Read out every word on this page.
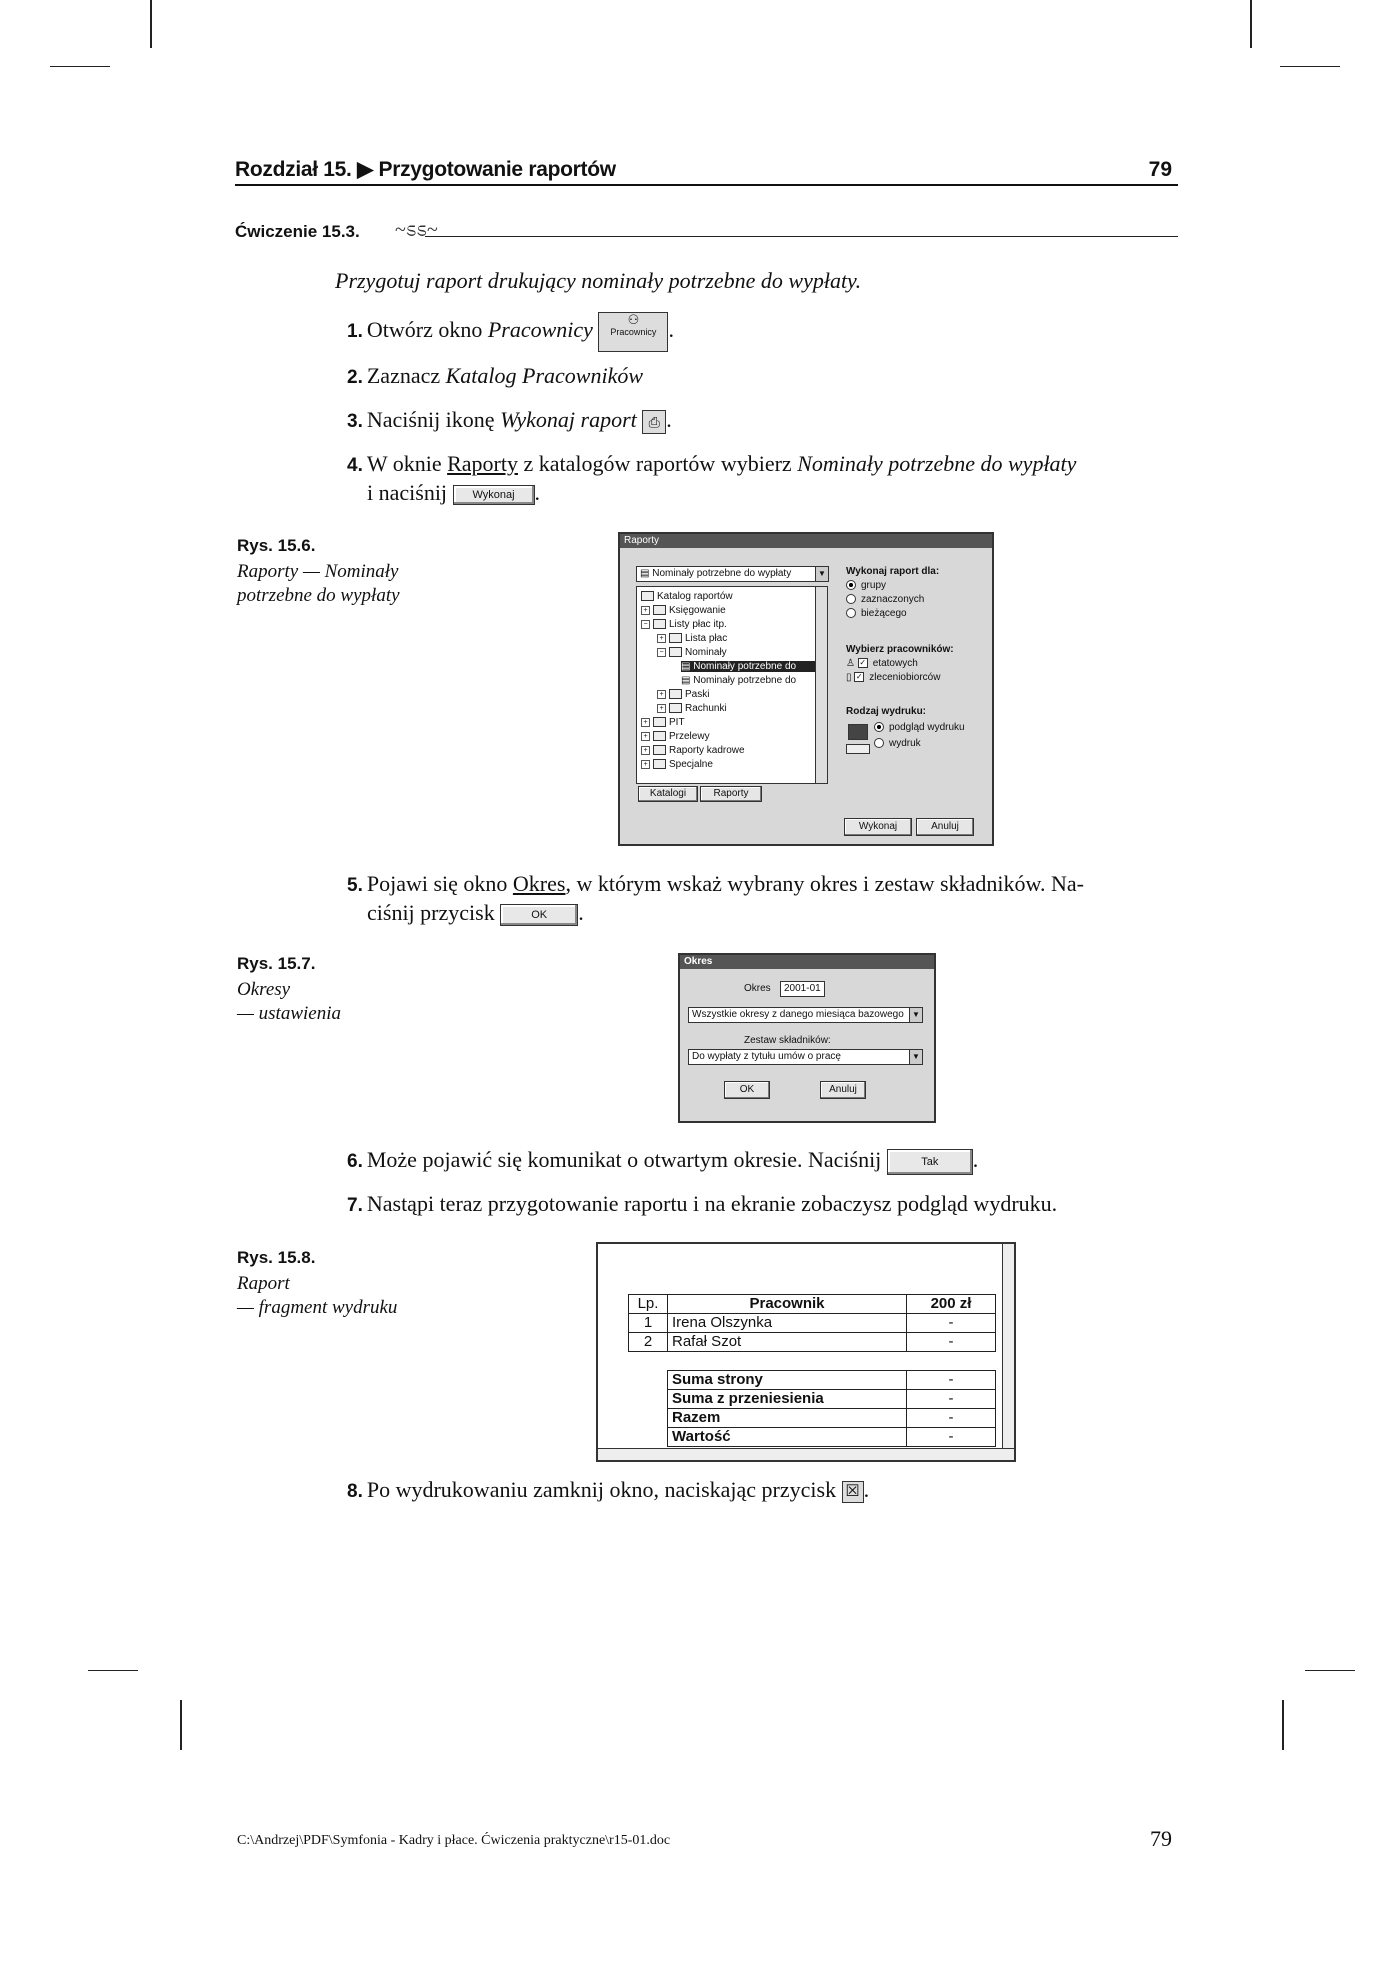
Rozdział 15. ▶ Przygotowanie raportów	79
Ćwiczenie 15.3. ~ಽಽ~
Przygotuj raport drukujący nominały potrzebne do wypłaty.
1. Otwórz okno Pracownicy	⚇
Pracownicy .
2. Zaznacz Katalog Pracowników
3. Naciśnij ikonę Wykonaj raport ⎙ .
4. W oknie Raporty z katalogów raportów wybierz Nominały potrzebne do wypłaty
i naciśnij Wykonaj .
Rys. 15.6.
Raporty — Nominały
potrzebne do wypłaty
Raporty
▤ Nominały potrzebne do wypłaty	▼
Katalog raportów
+ Księgowanie
− Listy płac itp.
+ Lista płac
− Nominały
▤ Nominały potrzebne do
▤ Nominały potrzebne do
+ Paski
+ Rachunki
+ PIT
+ Przelewy
+ Raporty kadrowe
+ Specjalne
Katalogi	Raporty
Wykonaj raport dla:
grupy
zaznaczonych
bieżącego
Wybierz pracowników:
♙ ✓ etatowych
▯ ✓ zleceniobiorców
Rodzaj wydruku:
podgląd wydruku
wydruk
Wykonaj	Anuluj
5. Pojawi się okno Okres, w którym wskaż wybrany okres i zestaw składników. Na-
ciśnij przycisk	OK .
Rys. 15.7.
Okresy
— ustawienia
Okres
Okres	2001-01
Wszystkie okresy z danego miesiąca bazowego	▼
Zestaw składników:
Do wypłaty z tytułu umów o pracę	▼
OK	Anuluj
6. Może pojawić się komunikat o otwartym okresie. Naciśnij	Tak .
7. Nastąpi teraz przygotowanie raportu i na ekranie zobaczysz podgląd wydruku.
Rys. 15.8.
Raport
— fragment wydruku	Lp.	Pracownik	200 zł
1	Irena Olszynka	-
2	Rafał Szot	-

	Suma strony	-
	Suma z przeniesienia	-
	Razem	-
	Wartość	-
8. Po wydrukowaniu zamknij okno, naciskając przycisk ☒ .
C:\Andrzej\PDF\Symfonia - Kadry i płace. Ćwiczenia praktyczne\r15-01.doc	79
